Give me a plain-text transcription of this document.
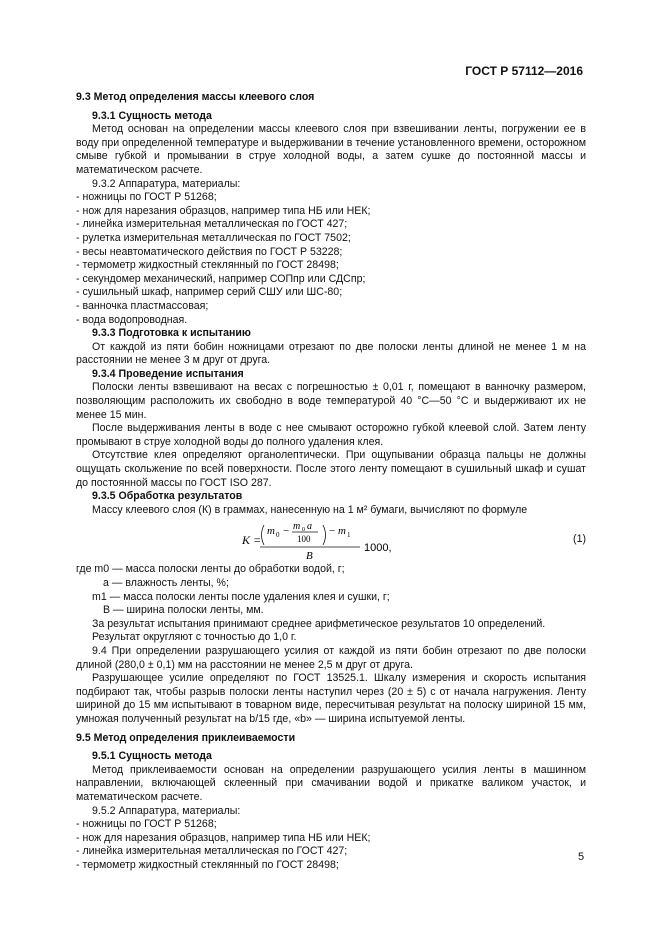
ГОСТ Р 57112—2016
9.3 Метод определения массы клеевого слоя
9.3.1 Сущность метода

Метод основан на определении массы клеевого слоя при взвешивании ленты, погружении ее в воду при определенной температуре и выдерживании в течение установленного времени, осторожном смыве губкой и промывании в струе холодной воды, а затем сушке до постоянной массы и математическом расчете.

9.3.2 Аппаратура, материалы:

- ножницы по ГОСТ Р 51268;

- нож для нарезания образцов, например типа НБ или НЕК;

- линейка измерительная металлическая по ГОСТ 427;

- рулетка измерительная металлическая по ГОСТ 7502;

- весы неавтоматического действия по ГОСТ Р 53228;

- термометр жидкостный стеклянный по ГОСТ 28498;

- секундомер механический, например СОПпр или СДСпр;

- сушильный шкаф, например серий СШУ или ШС-80;

- ванночка пластмассовая;

- вода водопроводная.

9.3.3 Подготовка к испытанию

От каждой из пяти бобин ножницами отрезают по две полоски ленты длиной не менее 1 м на расстоянии не менее 3 м друг от друга.

9.3.4 Проведение испытания

Полоски ленты взвешивают на весах с погрешностью ± 0,01 г, помещают в ванночку размером, позволяющим расположить их свободно в воде температурой 40 °С—50 °С и выдерживают их не менее 15 мин.

После выдерживания ленты в воде с нее смывают осторожно губкой клеевой слой. Затем ленту промывают в струе холодной воды до полного удаления клея.

Отсутствие клея определяют органолептически. При ощупывании образца пальцы не должны ощущать скольжение по всей поверхности. После этого ленту помещают в сушильный шкаф и сушат до постоянной массы по ГОСТ ISO 287.

9.3.5 Обработка результатов

Массу клеевого слоя (К) в граммах, нанесенную на 1 м² бумаги, вычисляют по формуле

K =
m 0 − m 0 a
100
− m 1
B
1000,
(1)

где m0 — масса полоски ленты до обработки водой, г;

a — влажность ленты, %;

m1 — масса полоски ленты после удаления клея и сушки, г;

B — ширина полоски ленты, мм.

За результат испытания принимают среднее арифметическое результатов 10 определений.

Результат округляют с точностью до 1,0 г.

9.4 При определении разрушающего усилия от каждой из пяти бобин отрезают по две полоски длиной (280,0 ± 0,1) мм на расстоянии не менее 2,5 м друг от друга.

Разрушающее усилие определяют по ГОСТ 13525.1. Шкалу измерения и скорость испытания подбирают так, чтобы разрыв полоски ленты наступил через (20 ± 5) с от начала нагружения. Ленту шириной до 15 мм испытывают в товарном виде, пересчитывая результат на полоску шириной 15 мм, умножая полученный результат на b/15 где, «b» — ширина испытуемой ленты.

9.5 Метод определения приклеиваемости
9.5.1 Сущность метода

Метод приклеиваемости основан на определении разрушающего усилия ленты в машинном направлении, включающей склеенный при смачивании водой и прикатке валиком участок, и математическом расчете.

9.5.2 Аппаратура, материалы:

- ножницы по ГОСТ Р 51268;

- нож для нарезания образцов, например типа НБ или НЕК;

- линейка измерительная металлическая по ГОСТ 427;

- термометр жидкостный стеклянный по ГОСТ 28498;

5
